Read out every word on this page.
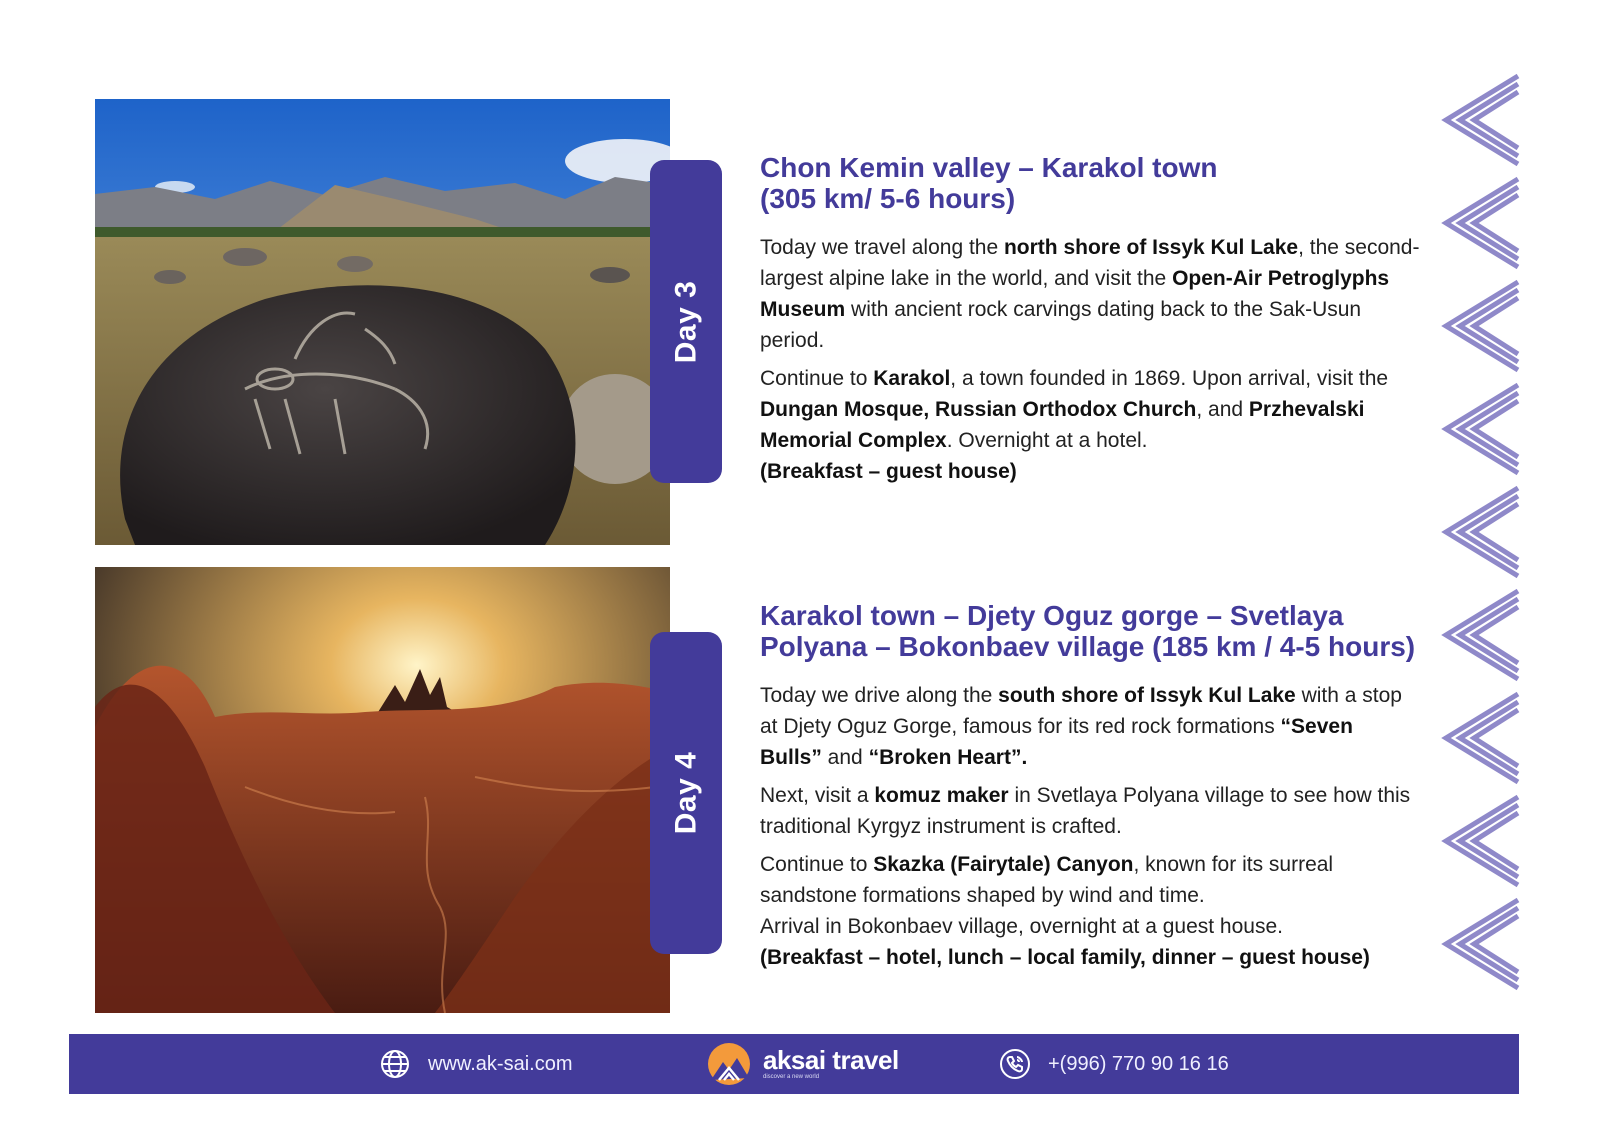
Day 3
Chon Kemin valley – Karakol town
(305 km/ 5-6 hours)

Today we travel along the north shore of Issyk Kul Lake, the second-largest alpine lake in the world, and visit the Open-Air Petroglyphs Museum with ancient rock carvings dating back to the Sak-Usun period.

Continue to Karakol, a town founded in 1869. Upon arrival, visit the Dungan Mosque, Russian Orthodox Church, and Przhevalski Memorial Complex. Overnight at a hotel.
(Breakfast – guest house)

Day 4
Karakol town – Djety Oguz gorge – Svetlaya
Polyana – Bokonbaev village (185 km / 4-5 hours)

Today we drive along the south shore of Issyk Kul Lake with a stop at Djety Oguz Gorge, famous for its red rock formations “Seven Bulls” and “Broken Heart”.

Next, visit a komuz maker in Svetlaya Polyana village to see how this traditional Kyrgyz instrument is crafted.

Continue to Skazka (Fairytale) Canyon, known for its surreal sandstone formations shaped by wind and time.
Arrival in Bokonbaev village, overnight at a guest house.
(Breakfast – hotel, lunch – local family, dinner – guest house)

www.ak-sai.com	aksai travel
discover a new world
+(996) 770 90 16 16
